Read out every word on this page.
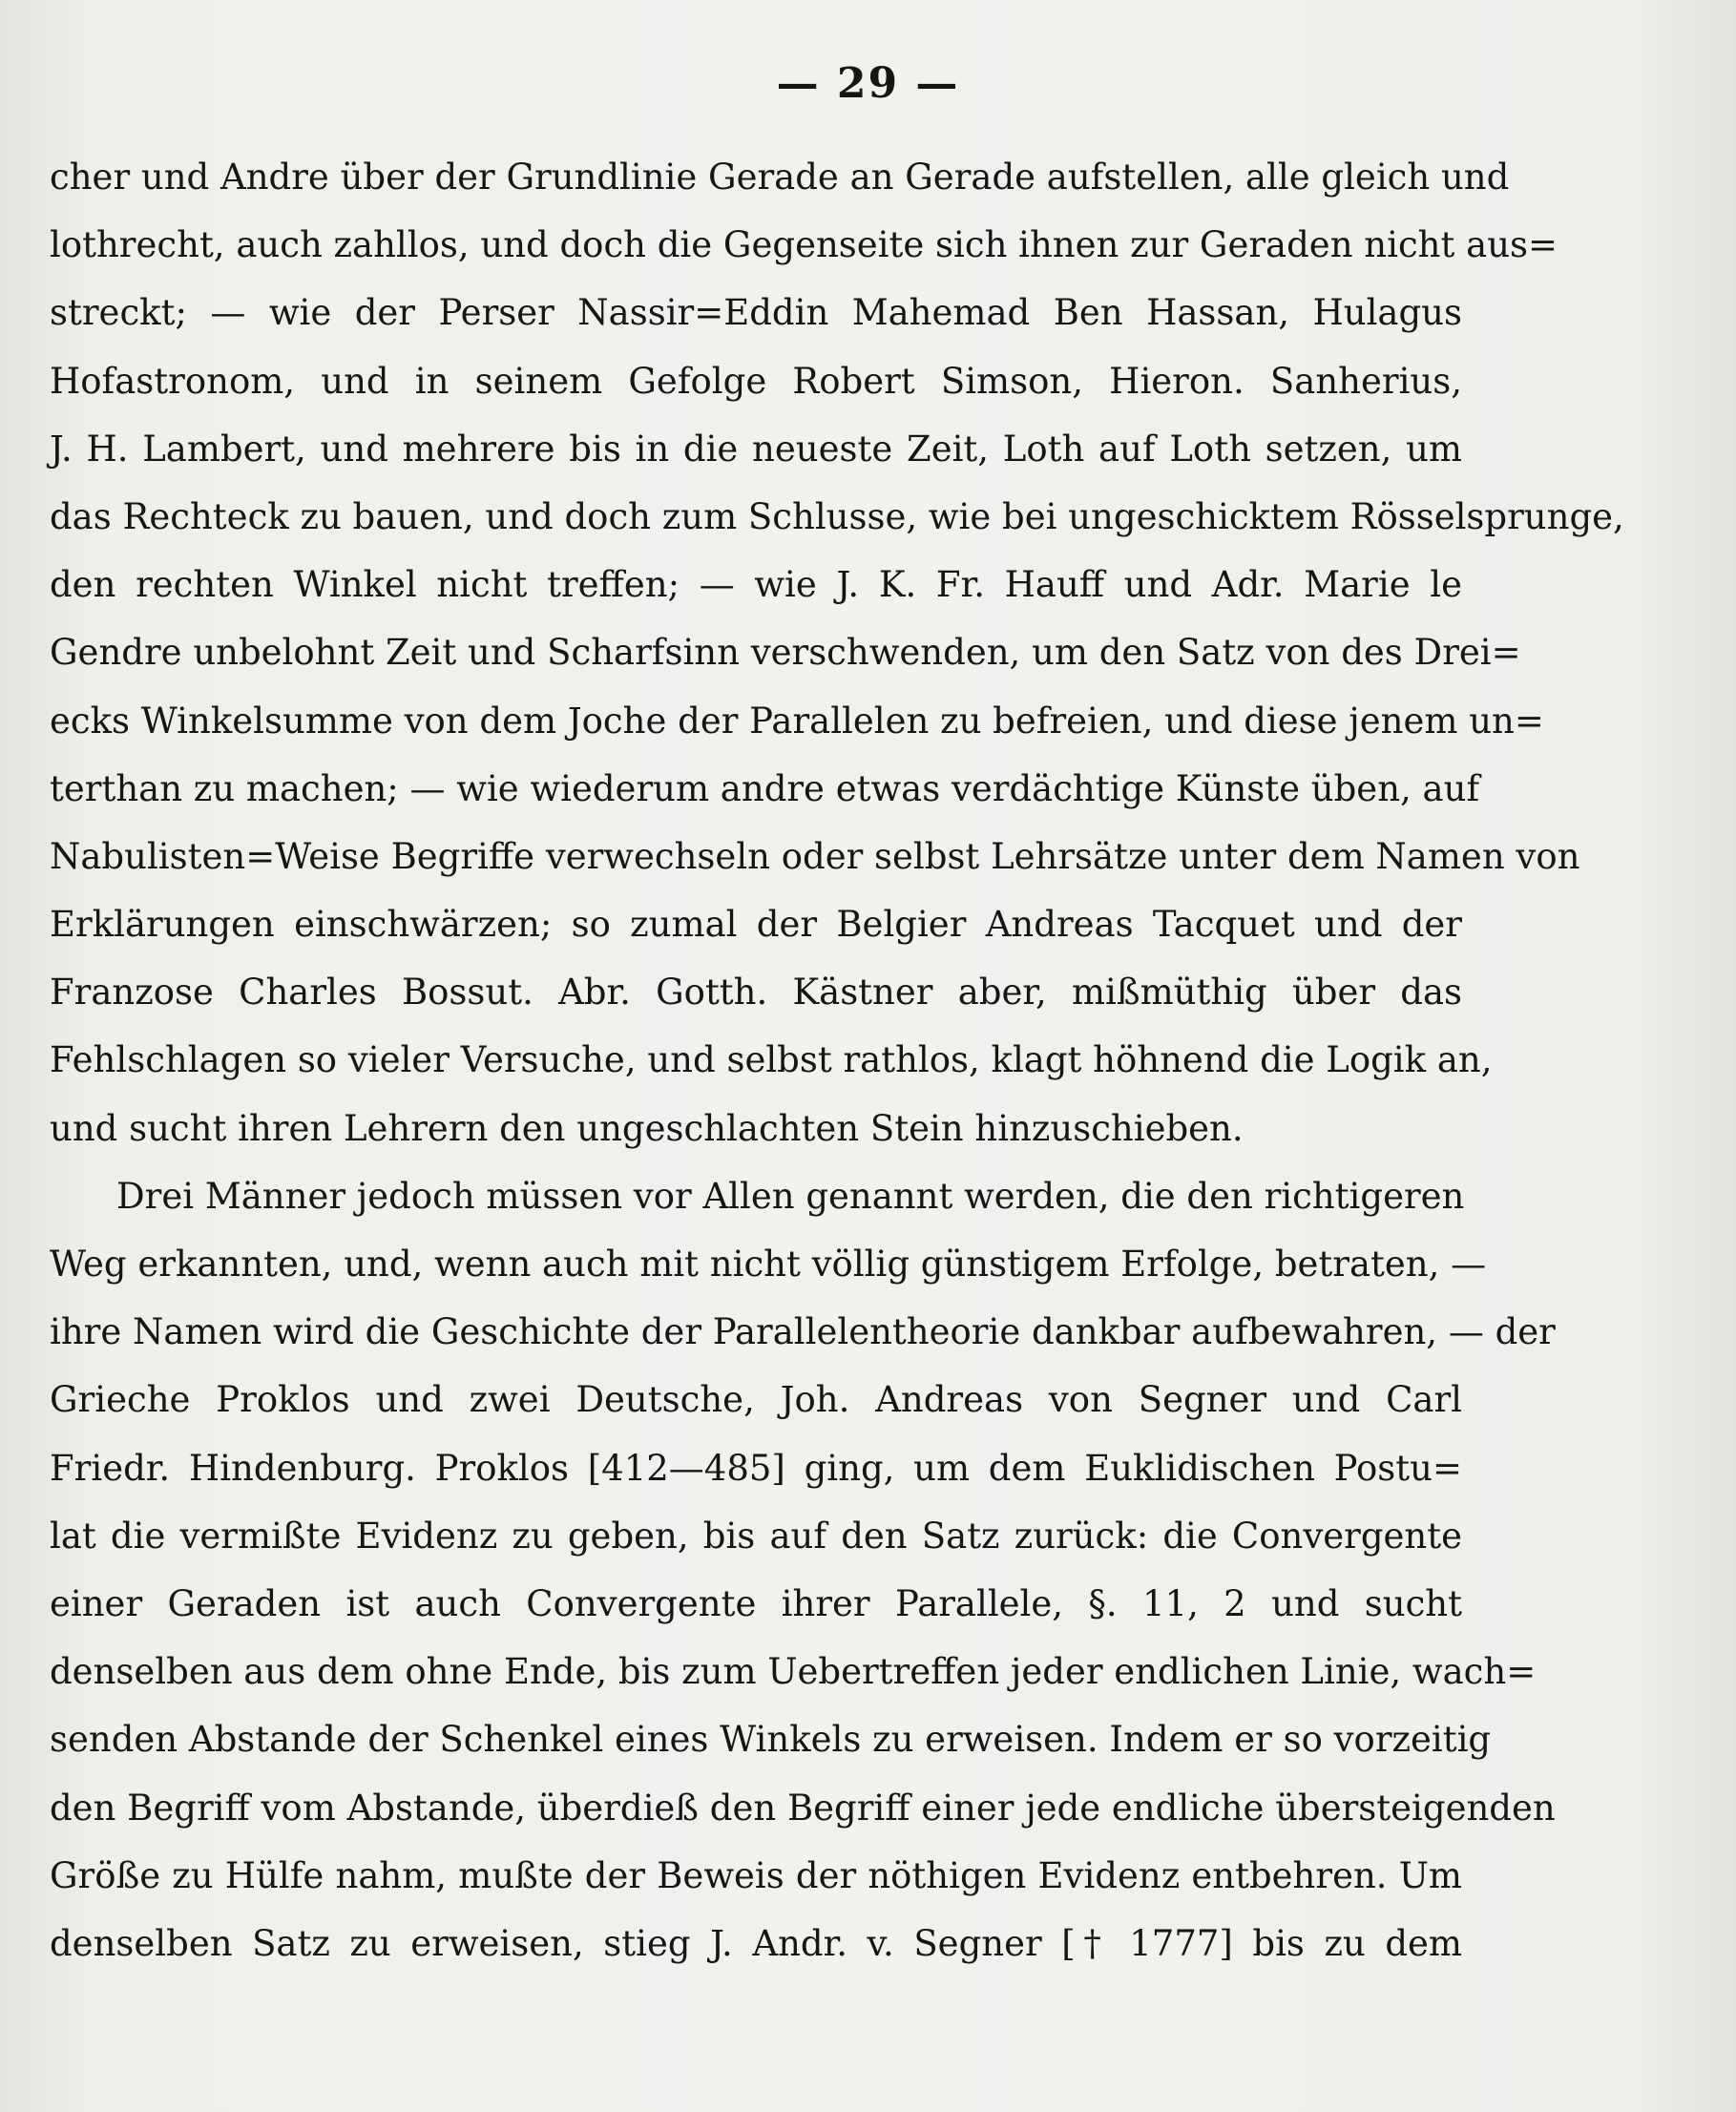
— 29 —
cher und Andre über der Grundlinie Gerade an Gerade aufstellen, alle gleich und
lothrecht, auch zahllos, und doch die Gegenseite sich ihnen zur Geraden nicht aus=
streckt; — wie der Perser Nassir=Eddin Mahemad Ben Hassan, Hulagus
Hofastronom, und in seinem Gefolge Robert Simson, Hieron. Sanherius,
J. H. Lambert, und mehrere bis in die neueste Zeit, Loth auf Loth setzen, um
das Rechteck zu bauen, und doch zum Schlusse, wie bei ungeschicktem Rösselsprunge,
den rechten Winkel nicht treffen; — wie J. K. Fr. Hauff und Adr. Marie le
Gendre unbelohnt Zeit und Scharfsinn verschwenden, um den Satz von des Drei=
ecks Winkelsumme von dem Joche der Parallelen zu befreien, und diese jenem un=
terthan zu machen; — wie wiederum andre etwas verdächtige Künste üben, auf
Nabulisten=Weise Begriffe verwechseln oder selbst Lehrsätze unter dem Namen von
Erklärungen einschwärzen; so zumal der Belgier Andreas Tacquet und der
Franzose Charles Bossut. Abr. Gotth. Kästner aber, mißmüthig über das
Fehlschlagen so vieler Versuche, und selbst rathlos, klagt höhnend die Logik an,
und sucht ihren Lehrern den ungeschlachten Stein hinzuschieben.
Drei Männer jedoch müssen vor Allen genannt werden, die den richtigeren
Weg erkannten, und, wenn auch mit nicht völlig günstigem Erfolge, betraten, —
ihre Namen wird die Geschichte der Parallelentheorie dankbar aufbewahren, — der
Grieche Proklos und zwei Deutsche, Joh. Andreas von Segner und Carl
Friedr. Hindenburg. Proklos [412—485] ging, um dem Euklidischen Postu=
lat die vermißte Evidenz zu geben, bis auf den Satz zurück: die Convergente
einer Geraden ist auch Convergente ihrer Parallele, §. 11, 2 und sucht
denselben aus dem ohne Ende, bis zum Uebertreffen jeder endlichen Linie, wach=
senden Abstande der Schenkel eines Winkels zu erweisen. Indem er so vorzeitig
den Begriff vom Abstande, überdieß den Begriff einer jede endliche übersteigenden
Größe zu Hülfe nahm, mußte der Beweis der nöthigen Evidenz entbehren. Um
denselben Satz zu erweisen, stieg J. Andr. v. Segner [† 1777] bis zu dem
